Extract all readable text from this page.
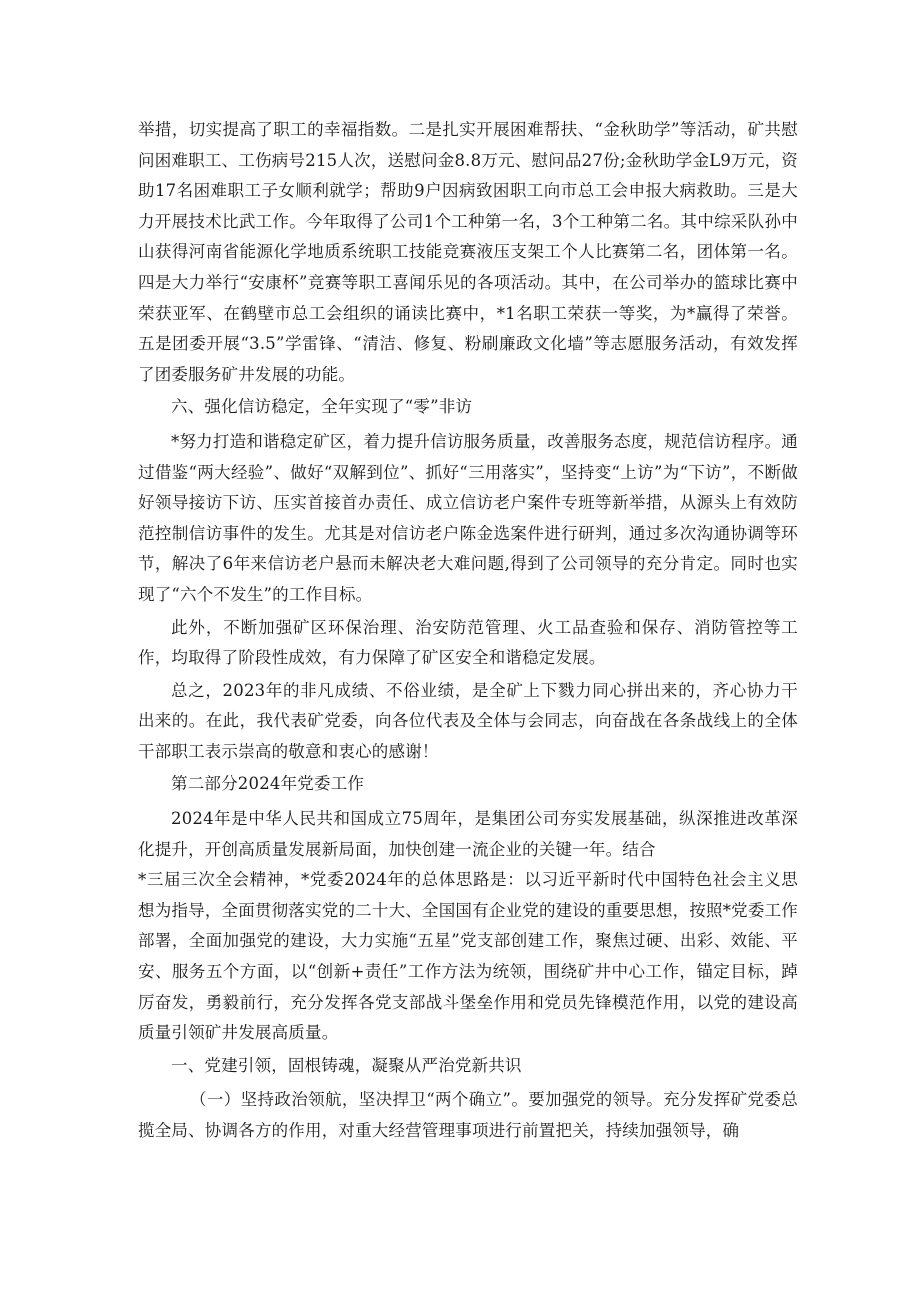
举措，切实提高了职工的幸福指数。二是扎实开展困难帮扶、“金秋助学”等活动，矿共慰问困难职工、工伤病号215人次，送慰问金8.8万元、慰问品27份;金秋助学金L9万元，资助17名困难职工子女顺利就学；帮助9户因病致困职工向市总工会申报大病救助。三是大力开展技术比武工作。今年取得了公司1个工种第一名，3个工种第二名。其中综采队孙中山获得河南省能源化学地质系统职工技能竞赛液压支架工个人比赛第二名，团体第一名。四是大力举行“安康杯”竞赛等职工喜闻乐见的各项活动。其中，在公司举办的篮球比赛中荣获亚军、在鹤壁市总工会组织的诵读比赛中，*1名职工荣获一等奖，为*赢得了荣誉。五是团委开展“3.5”学雷锋、“清洁、修复、粉刷廉政文化墙”等志愿服务活动，有效发挥了团委服务矿井发展的功能。

六、强化信访稳定，全年实现了“零”非访

*努力打造和谐稳定矿区，着力提升信访服务质量，改善服务态度，规范信访程序。通过借鉴“两大经验”、做好“双解到位”、抓好“三用落实”，坚持变“上访”为“下访”，不断做好领导接访下访、压实首接首办责任、成立信访老户案件专班等新举措，从源头上有效防范控制信访事件的发生。尤其是对信访老户陈金选案件进行研判，通过多次沟通协调等环节，解决了6年来信访老户悬而未解决老大难问题,得到了公司领导的充分肯定。同时也实现了“六个不发生”的工作目标。

此外，不断加强矿区环保治理、治安防范管理、火工品查验和保存、消防管控等工作，均取得了阶段性成效，有力保障了矿区安全和谐稳定发展。

总之，2023年的非凡成绩、不俗业绩，是全矿上下戮力同心拼出来的，齐心协力干出来的。在此，我代表矿党委，向各位代表及全体与会同志，向奋战在各条战线上的全体干部职工表示崇高的敬意和衷心的感谢！

第二部分2024年党委工作

2024年是中华人民共和国成立75周年，是集团公司夯实发展基础，纵深推进改革深化提升，开创高质量发展新局面，加快创建一流企业的关键一年。结合

*三届三次全会精神，*党委2024年的总体思路是：以习近平新时代中国特色社会主义思想为指导，全面贯彻落实党的二十大、全国国有企业党的建设的重要思想，按照*党委工作部署，全面加强党的建设，大力实施“五星”党支部创建工作，聚焦过硬、出彩、效能、平安、服务五个方面，以“创新+责任”工作方法为统领，围绕矿井中心工作，锚定目标，踔厉奋发，勇毅前行，充分发挥各党支部战斗堡垒作用和党员先锋模范作用，以党的建设高质量引领矿井发展高质量。

一、党建引领，固根铸魂，凝聚从严治党新共识

（一）坚持政治领航，坚决捍卫“两个确立”。要加强党的领导。充分发挥矿党委总揽全局、协调各方的作用，对重大经营管理事项进行前置把关，持续加强领导，确
